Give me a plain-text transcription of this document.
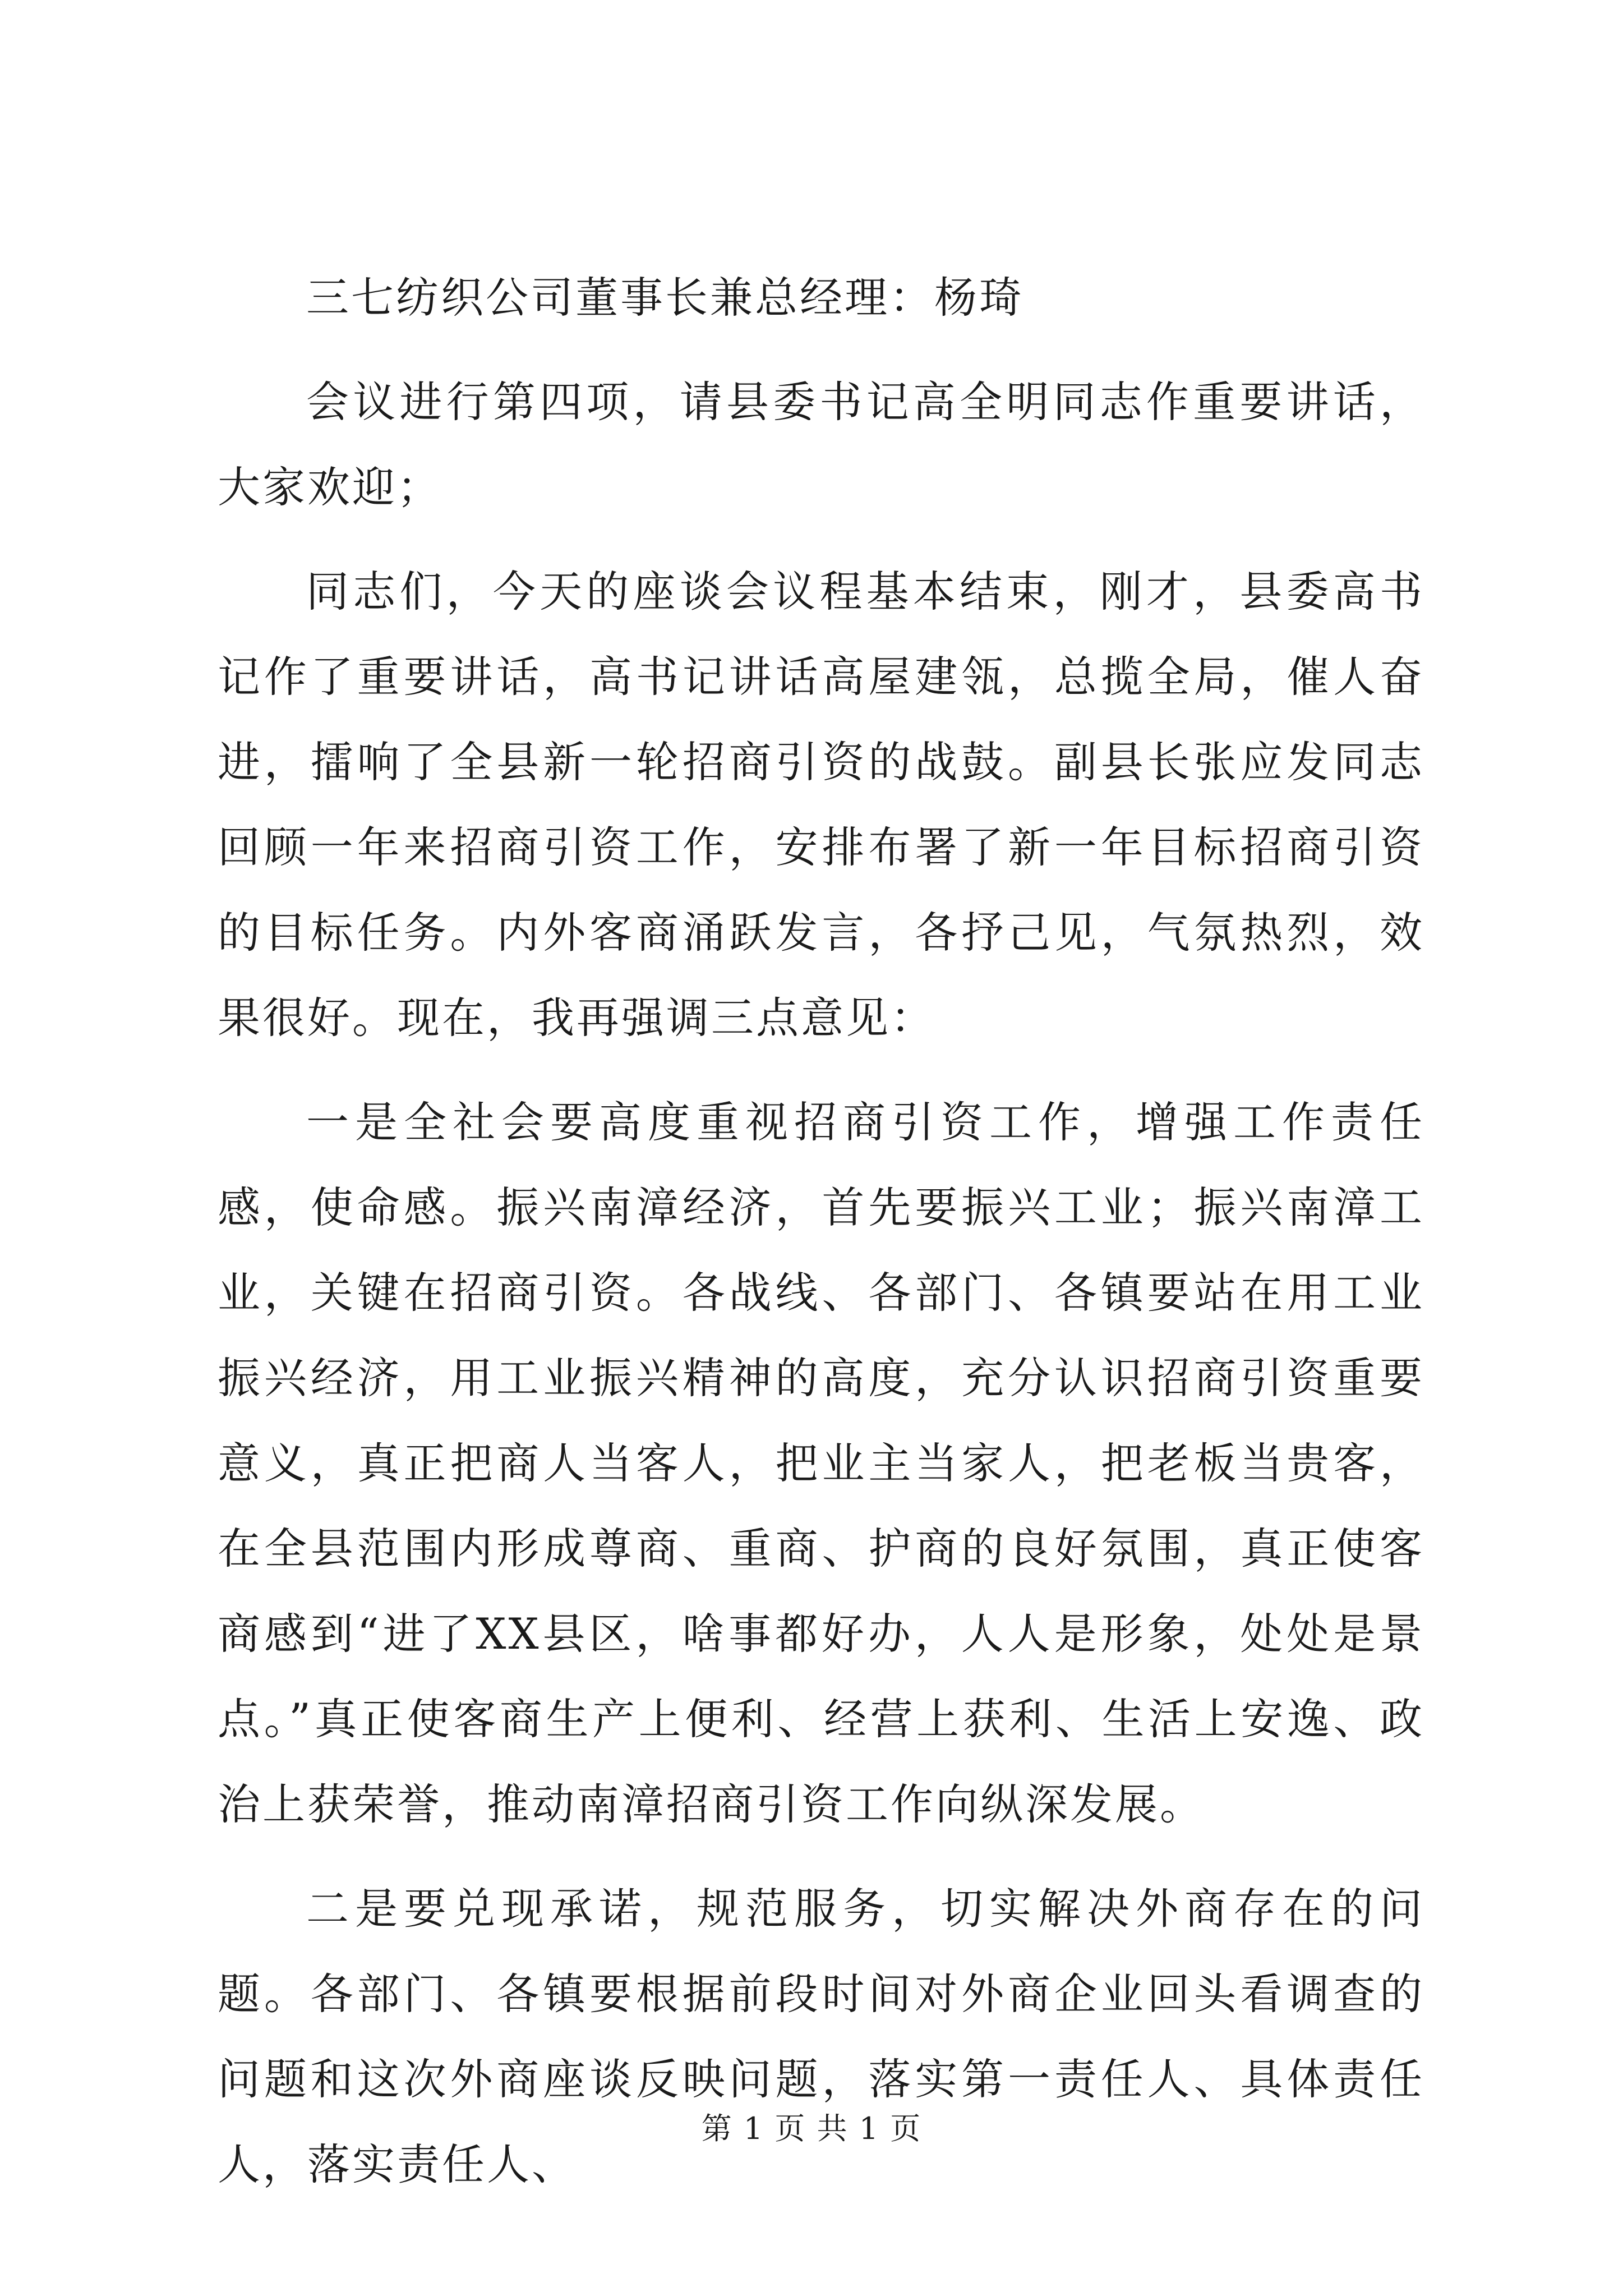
三七纺织公司董事长兼总经理：杨琦

会议进行第四项，请县委书记高全明同志作重要讲话，大家欢迎；

同志们，今天的座谈会议程基本结束，刚才，县委高书记作了重要讲话，高书记讲话高屋建瓴，总揽全局，催人奋进，擂响了全县新一轮招商引资的战鼓。副县长张应发同志回顾一年来招商引资工作，安排布署了新一年目标招商引资的目标任务。内外客商涌跃发言，各抒己见，气氛热烈，效果很好。现在，我再强调三点意见：

一是全社会要高度重视招商引资工作，增强工作责任感，使命感。振兴南漳经济，首先要振兴工业；振兴南漳工业，关键在招商引资。各战线、各部门、各镇要站在用工业振兴经济，用工业振兴精神的高度，充分认识招商引资重要意义，真正把商人当客人，把业主当家人，把老板当贵客，在全县范围内形成尊商、重商、护商的良好氛围，真正使客商感到“进了XX县区，啥事都好办，人人是形象，处处是景点。”真正使客商生产上便利、经营上获利、生活上安逸、政治上获荣誉，推动南漳招商引资工作向纵深发展。

二是要兑现承诺，规范服务，切实解决外商存在的问题。各部门、各镇要根据前段时间对外商企业回头看调查的问题和这次外商座谈反映问题，落实第一责任人、具体责任人，落实责任人、

第 1 页 共 1 页
